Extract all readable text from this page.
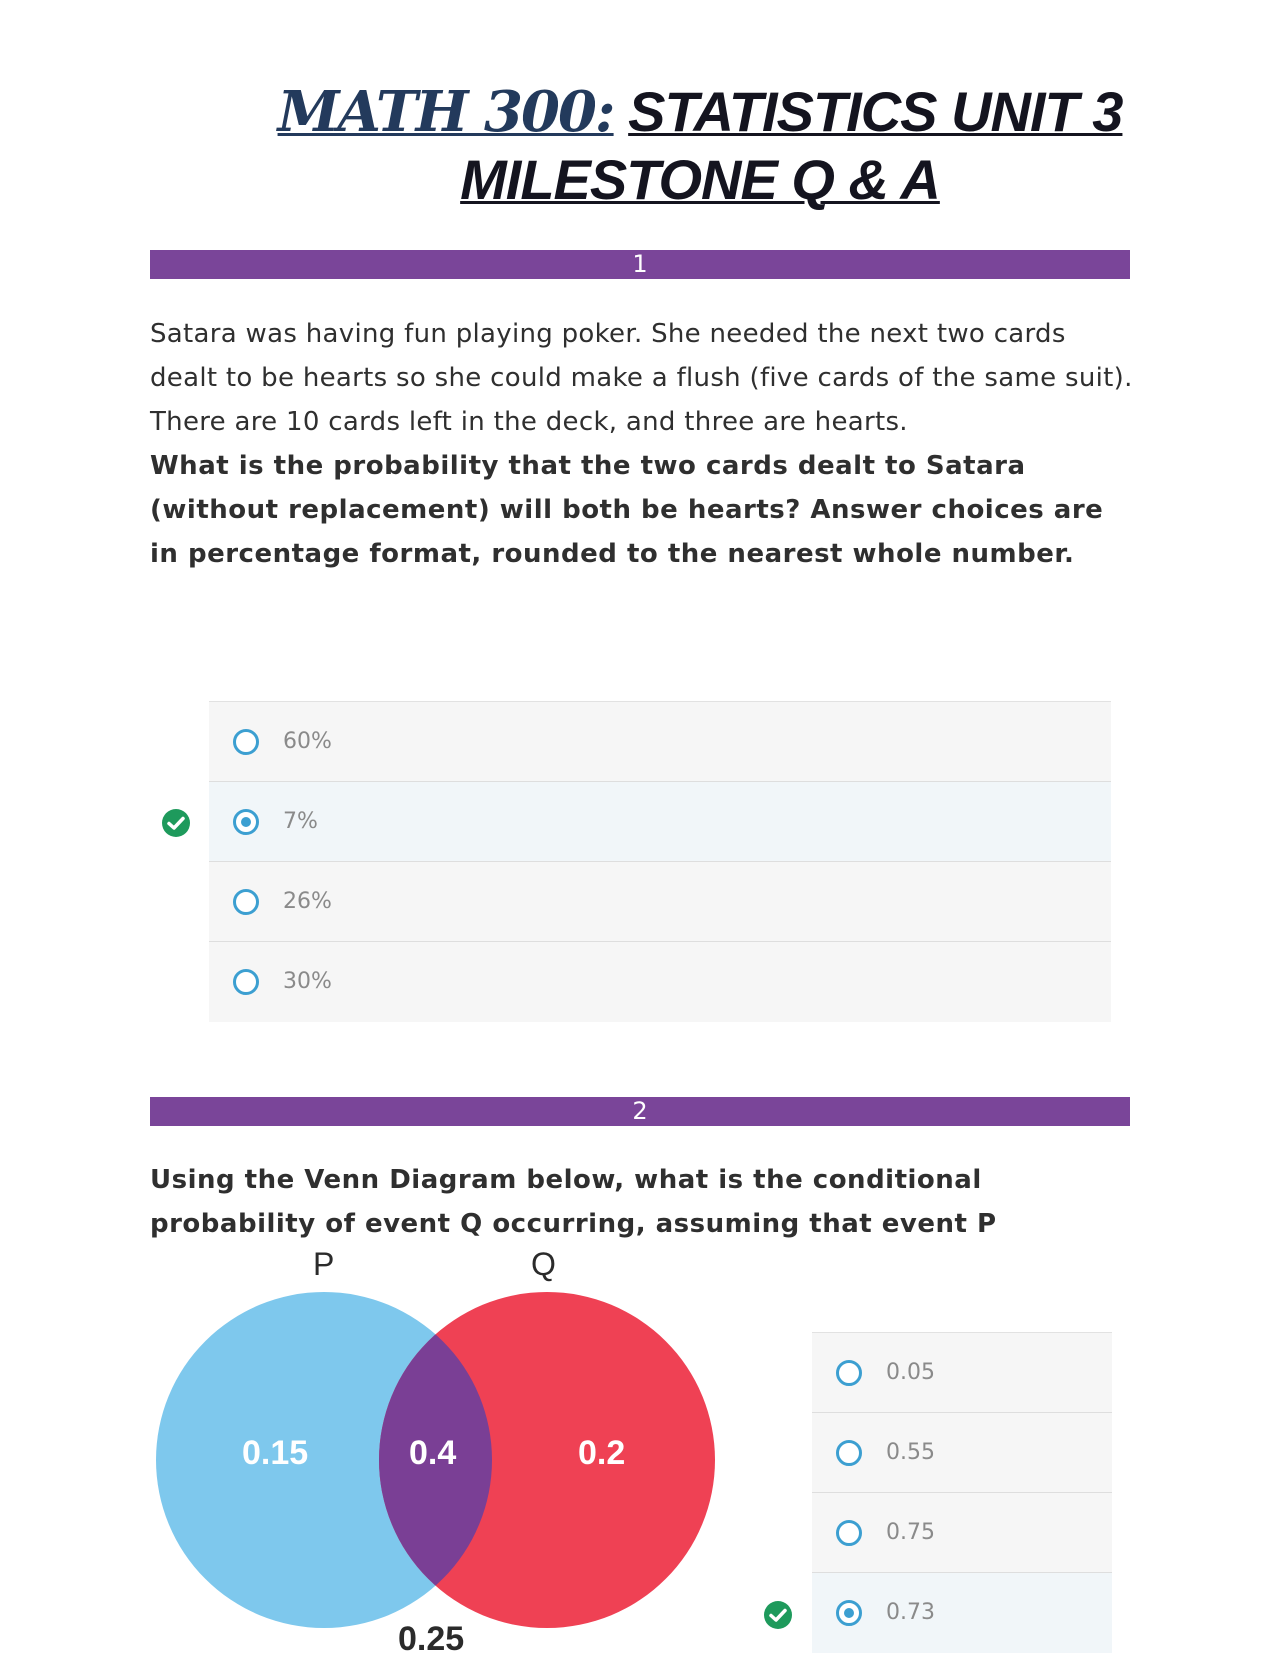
MATH 300: STATISTICS UNIT 3
MILESTONE Q & A
1
Satara was having fun playing poker. She needed the next two cards dealt to be hearts so she could make a flush (five cards of the same suit). There are 10 cards left in the deck, and three are hearts.
What is the probability that the two cards dealt to Satara (without replacement) will both be hearts? Answer choices are in percentage format, rounded to the nearest whole number.
60%
7%
26%
30%
2
Using the Venn Diagram below, what is the conditional probability of event Q occurring, assuming that event P
P	Q
0.15	0.4	0.2
0.25
0.05
0.55
0.75
0.73
